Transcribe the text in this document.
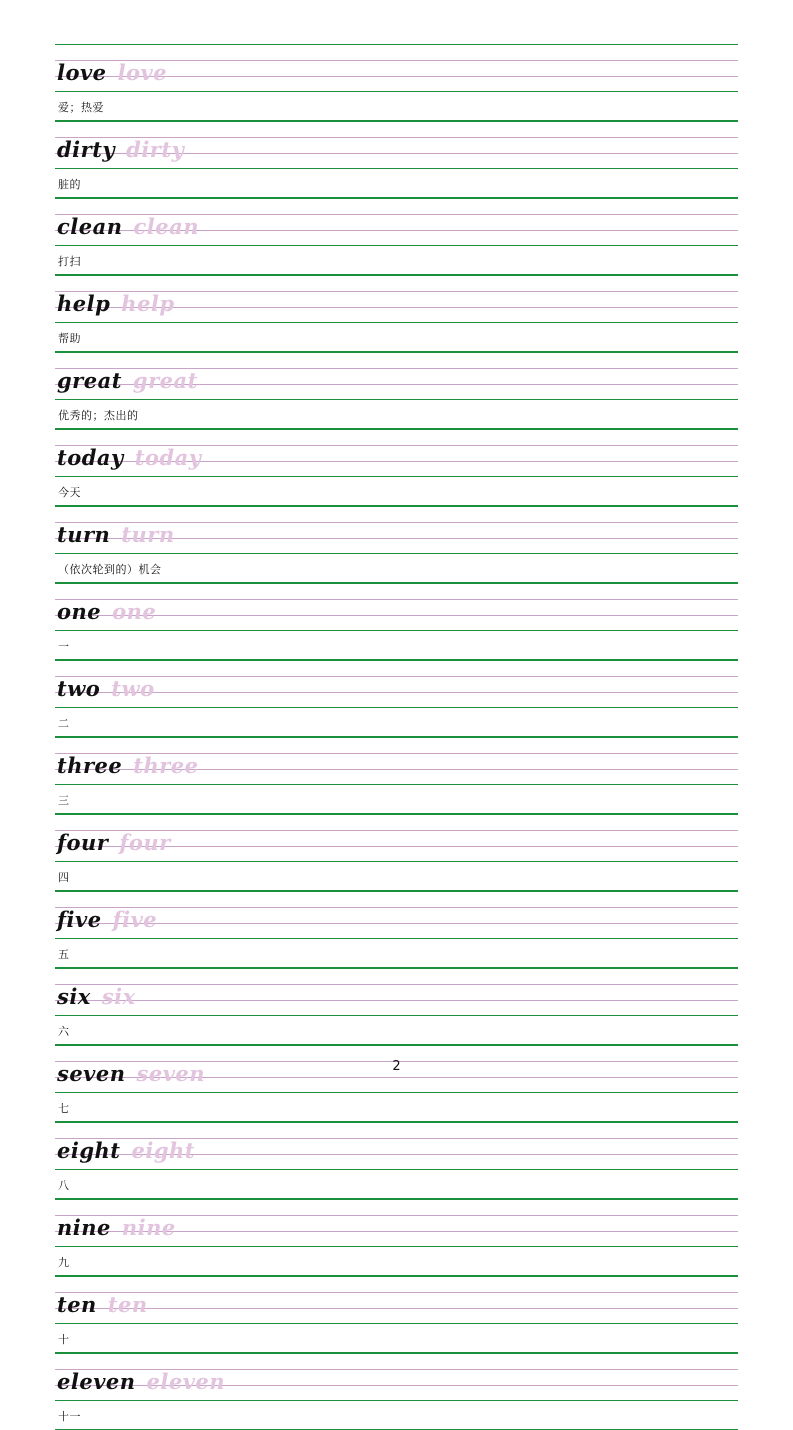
love love
爱；热爱
dirty dirty
脏的
clean clean
打扫
help help
帮助
great great
优秀的；杰出的
today today
今天
turn turn
（依次轮到的）机会
one one
一
two two
二
three three
三
four four
四
five five
五
six six
六
seven seven
七
eight eight
八
nine nine
九
ten ten
十
eleven eleven
十一
2
